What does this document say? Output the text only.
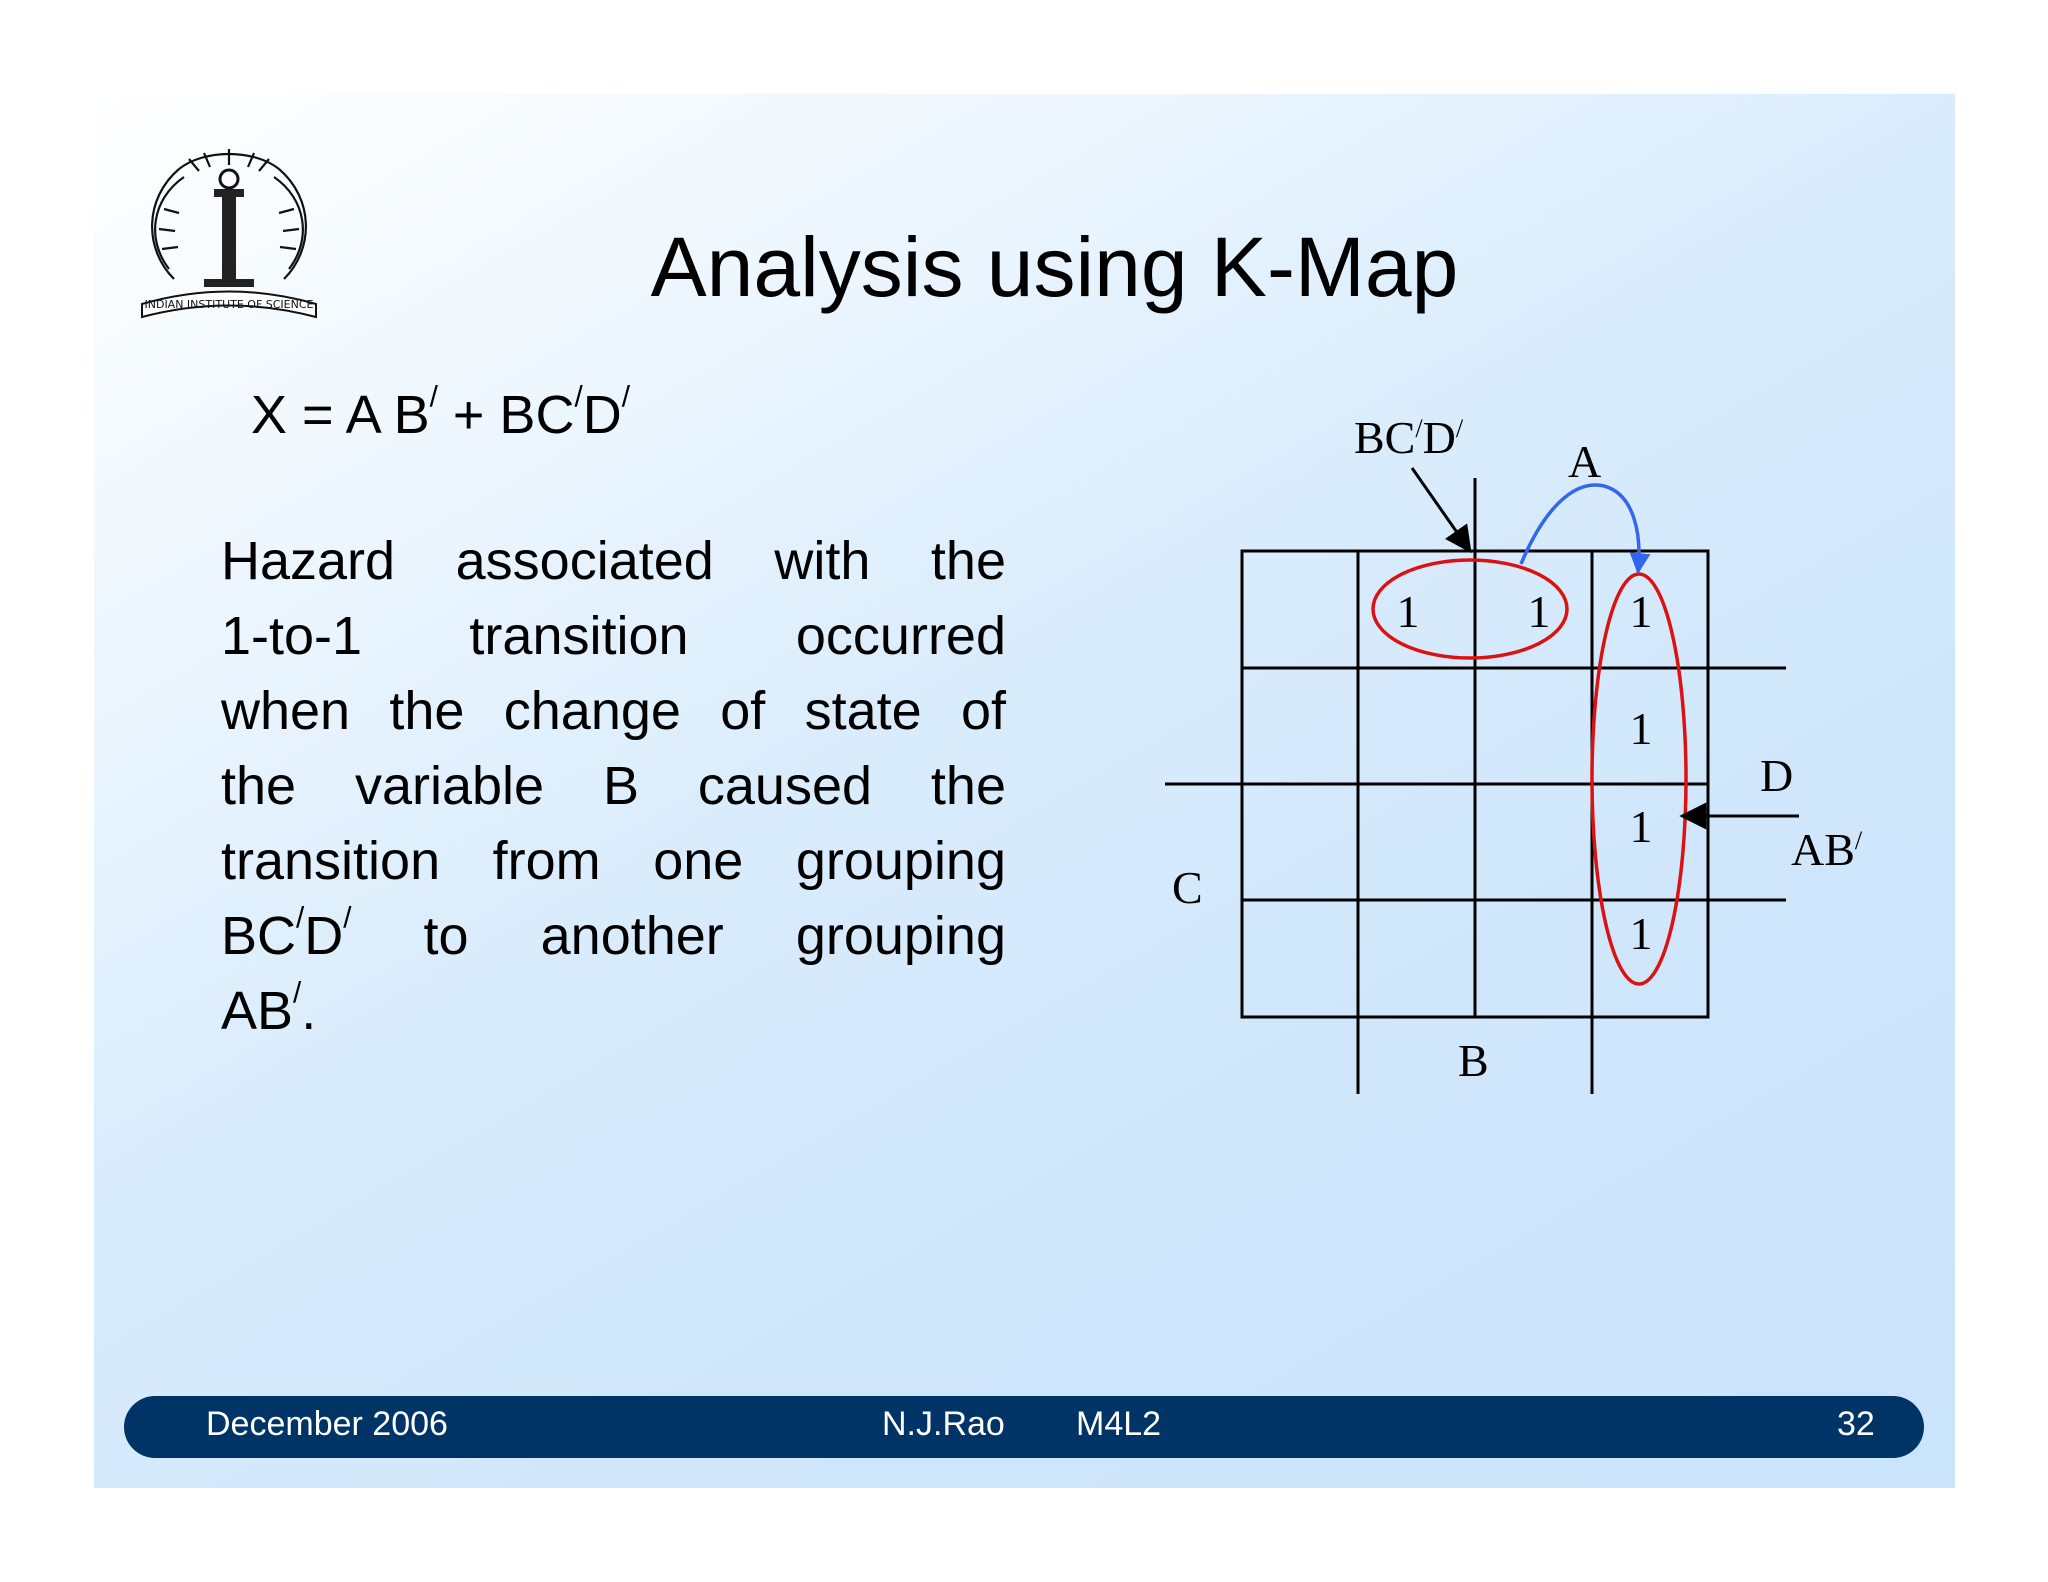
INDIAN INSTITUTE OF SCIENCE	Analysis using K-Map
X = A B/ + BC/D/
Hazard associated with the
1-to-1 transition occurred
when the change of state of
the variable B caused the
transition from one grouping
BC/D/ to another grouping
AB/.
1 1 1
1
1
1
BC/D/
A
D
AB/
C
B
December 2006	N.J.Rao M4L2	32
